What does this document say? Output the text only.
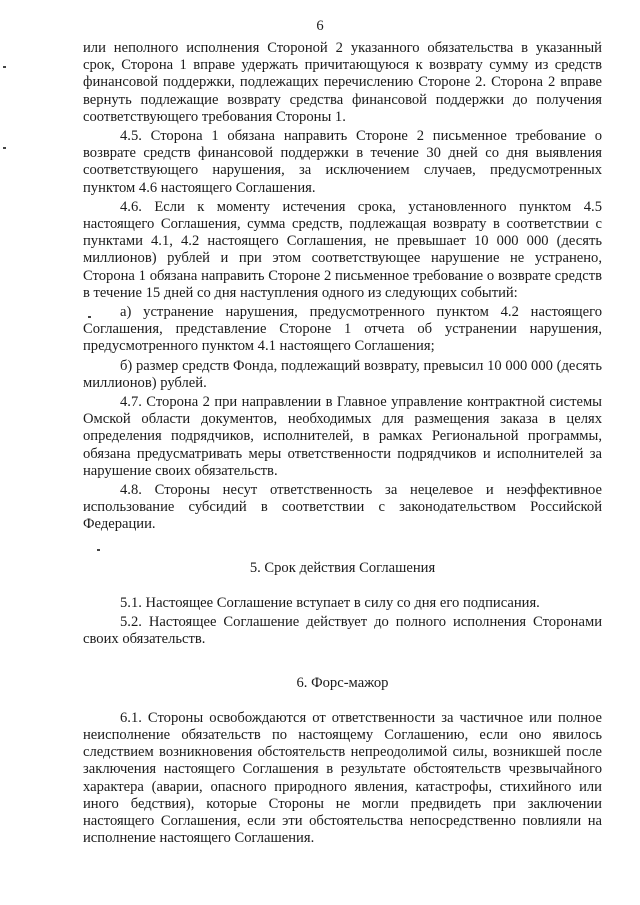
6

или неполного исполнения Стороной 2 указанного обязательства в указанный срок, Сторона 1 вправе удержать причитающуюся к возврату сумму из средств финансовой поддержки, подлежащих перечислению Стороне 2. Сторона 2 вправе вернуть подлежащие возврату средства финансовой поддержки до получения соответствующего требования Стороны 1.

4.5. Сторона 1 обязана направить Стороне 2 письменное требование о возврате средств финансовой поддержки в течение 30 дней со дня выявления соответствующего нарушения, за исключением случаев, предусмотренных пунктом 4.6 настоящего Соглашения.

4.6. Если к моменту истечения срока, установленного пунктом 4.5 настоящего Соглашения, сумма средств, подлежащая возврату в соответствии с пунктами 4.1, 4.2 настоящего Соглашения, не превышает 10 000 000 (десять миллионов) рублей и при этом соответствующее нарушение не устранено, Сторона 1 обязана направить Стороне 2 письменное требование о возврате средств в течение 15 дней со дня наступления одного из следующих событий:

а) устранение нарушения, предусмотренного пунктом 4.2 настоящего Соглашения, представление Стороне 1 отчета об устранении нарушения, предусмотренного пунктом 4.1 настоящего Соглашения;

б) размер средств Фонда, подлежащий возврату, превысил 10 000 000 (десять миллионов) рублей.

4.7. Сторона 2 при направлении в Главное управление контрактной системы Омской области документов, необходимых для размещения заказа в целях определения подрядчиков, исполнителей, в рамках Региональной программы, обязана предусматривать меры ответственности подрядчиков и исполнителей за нарушение своих обязательств.

4.8. Стороны несут ответственность за нецелевое и неэффективное использование субсидий в соответствии с законодательством Российской Федерации.

5. Срок действия Соглашения

5.1. Настоящее Соглашение вступает в силу со дня его подписания.

5.2. Настоящее Соглашение действует до полного исполнения Сторонами своих обязательств.

6. Форс-мажор

6.1. Стороны освобождаются от ответственности за частичное или полное неисполнение обязательств по настоящему Соглашению, если оно явилось следствием возникновения обстоятельств непреодолимой силы, возникшей после заключения настоящего Соглашения в результате обстоятельств чрезвычайного характера (аварии, опасного природного явления, катастрофы, стихийного или иного бедствия), которые Стороны не могли предвидеть при заключении настоящего Соглашения, если эти обстоятельства непосредственно повлияли на исполнение настоящего Соглашения.
